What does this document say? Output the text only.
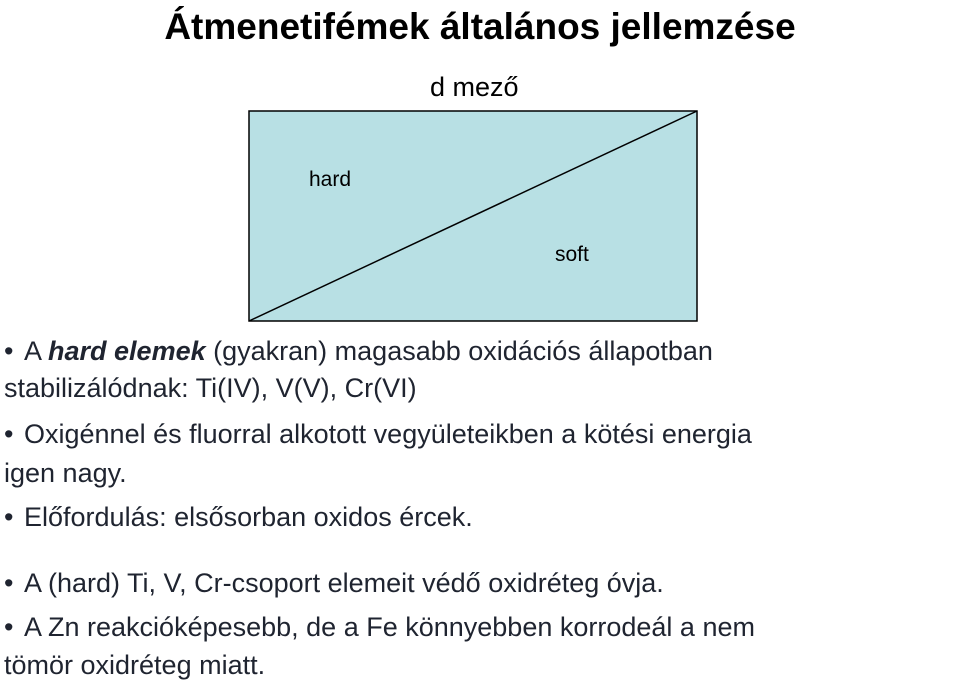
Átmenetifémek általános jellemzése
d mező
hard
soft
• A hard elemek (gyakran) magasabb oxidációs állapotban
stabilizálódnak: Ti(IV), V(V), Cr(VI)
• Oxigénnel és fluorral alkotott vegyületeikben a kötési energia
igen nagy.
• Előfordulás: elsősorban oxidos ércek.
• A (hard) Ti, V, Cr-csoport elemeit védő oxidréteg óvja.
• A Zn reakcióképesebb, de a Fe könnyebben korrodeál a nem
tömör oxidréteg miatt.
